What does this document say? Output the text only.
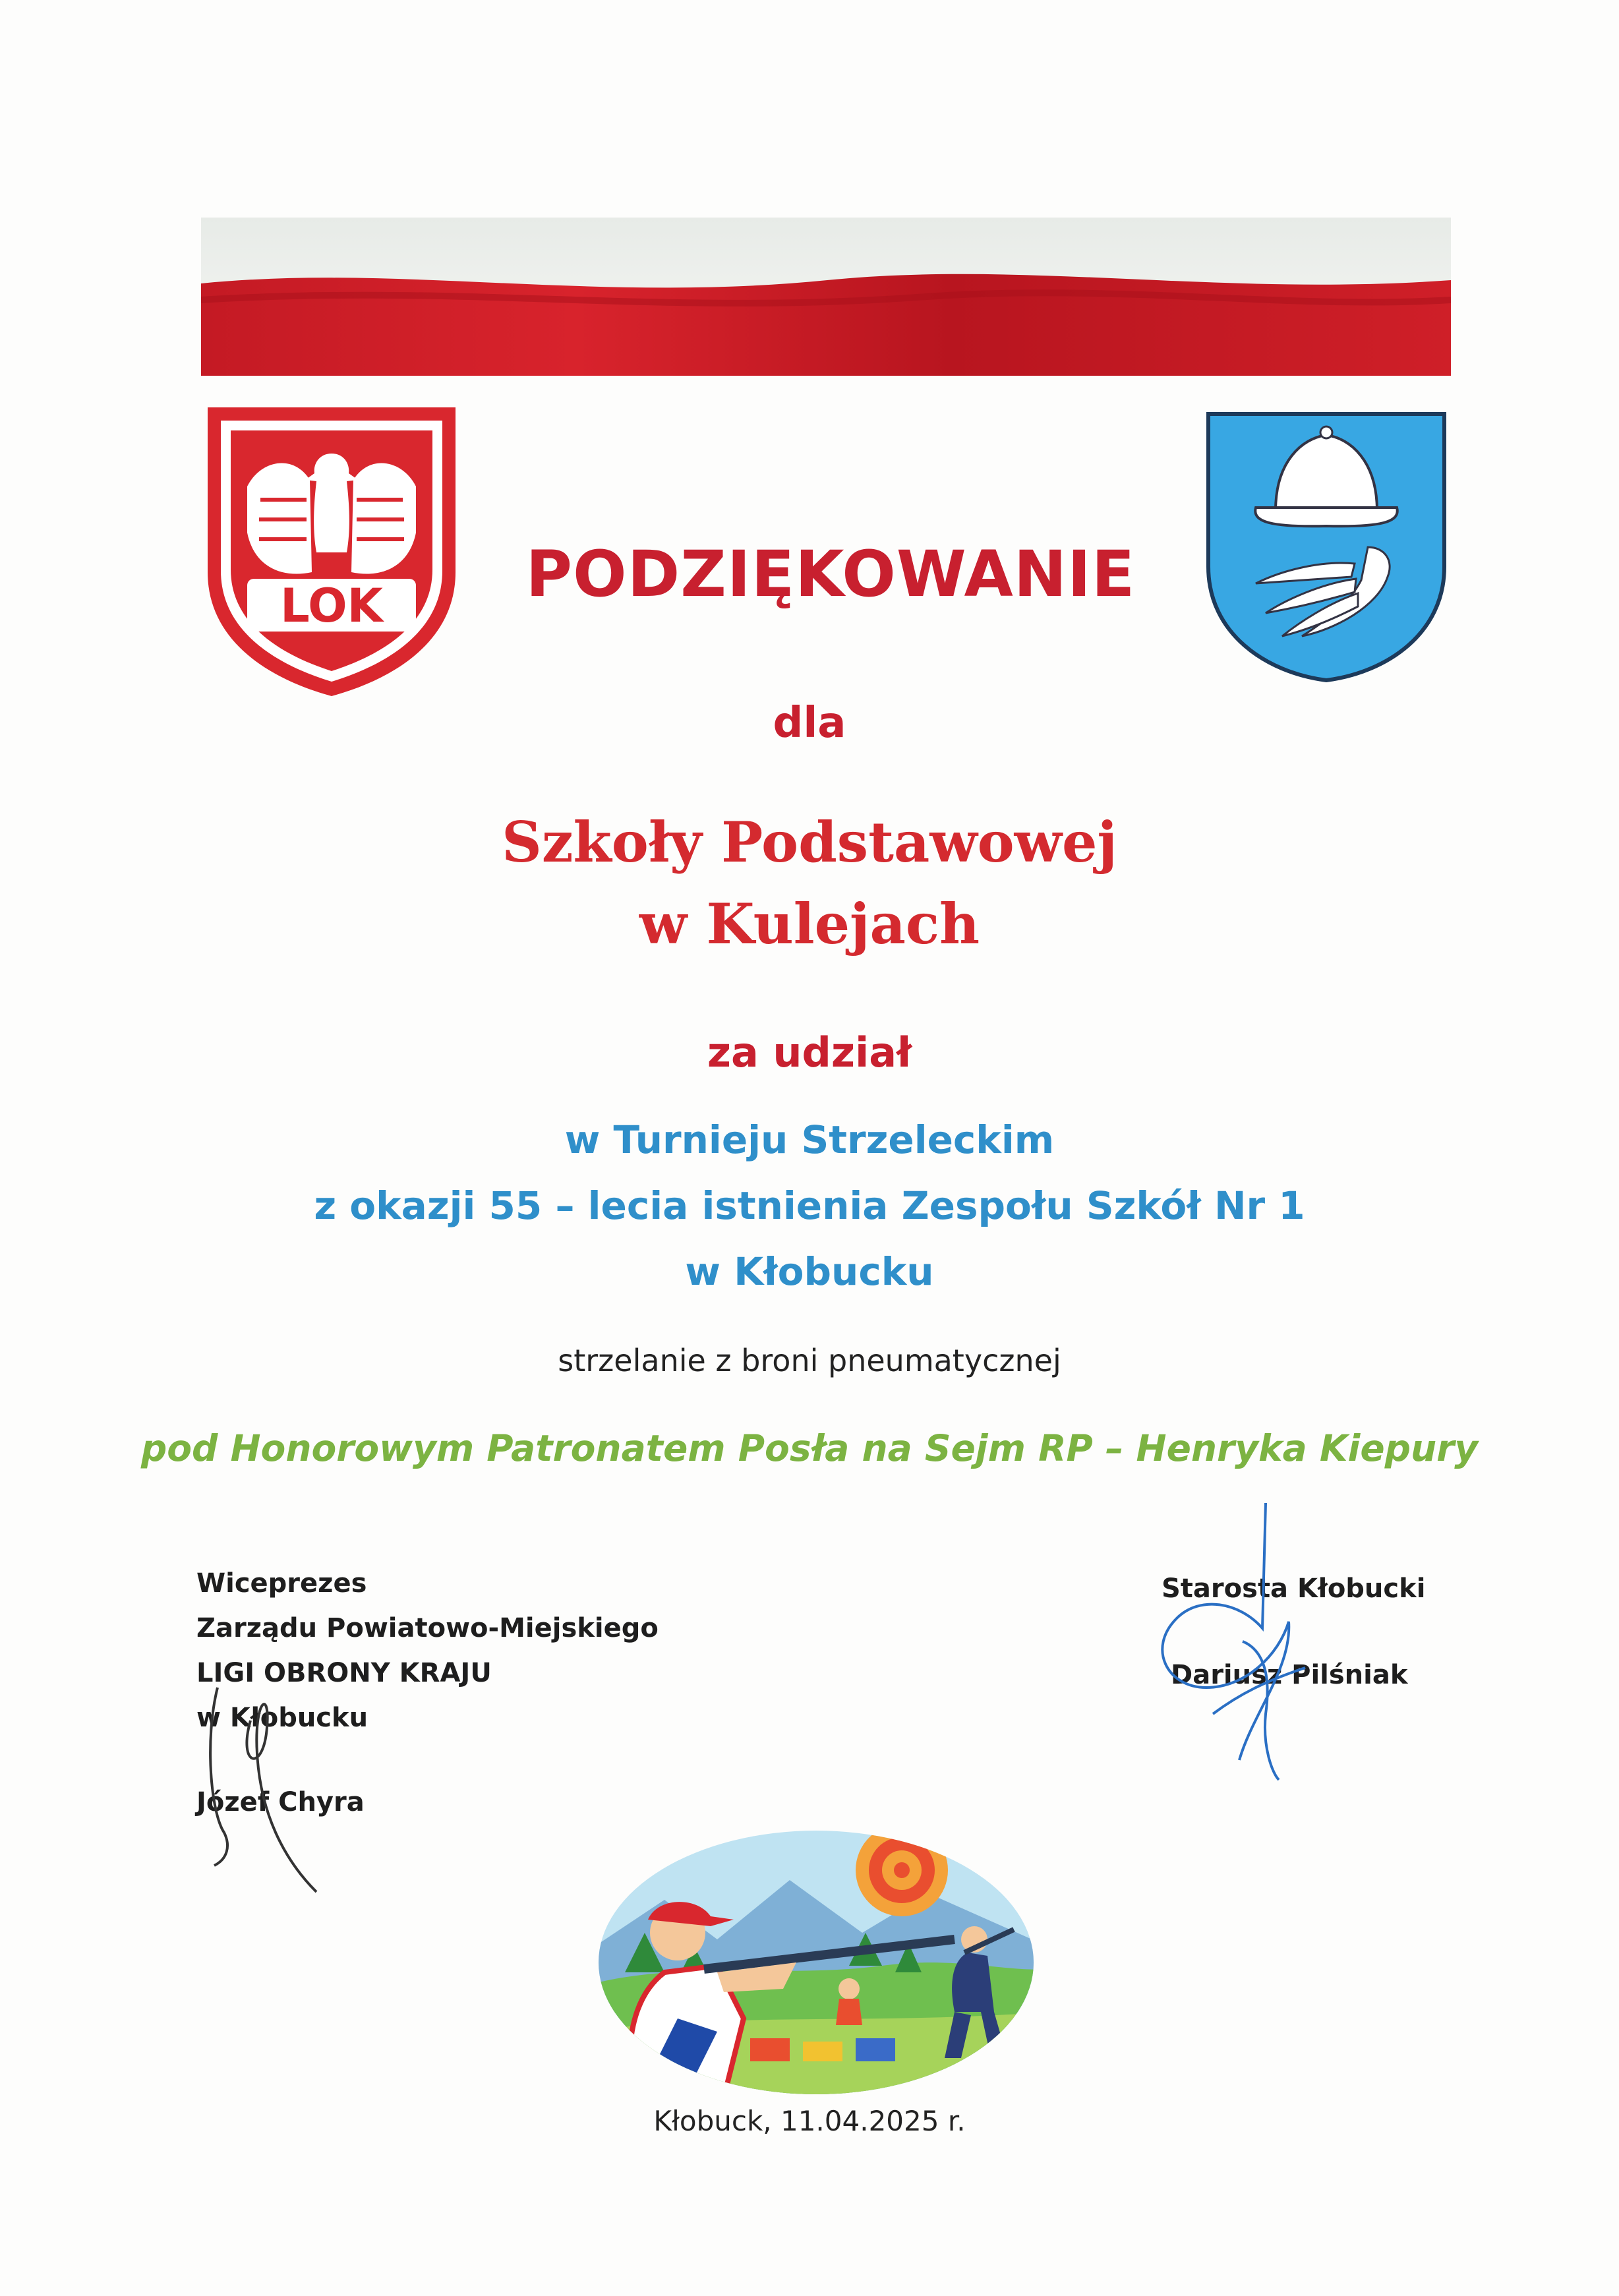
LOK	PODZIĘKOWANIE
dla
Szkoły Podstawowej
w Kulejach
za udział
w Turnieju Strzeleckim
z okazji 55 – lecia istnienia Zespołu Szkół Nr 1
w Kłobucku
strzelanie z broni pneumatycznej
pod Honorowym Patronatem Posła na Sejm RP – Henryka Kiepury
Wiceprezes
Zarządu Powiatowo-Miejskiego
LIGI OBRONY KRAJU
w Kłobucku
Józef Chyra
Starosta Kłobucki
Dariusz Pilśniak
Kłobuck, 11.04.2025 r.
